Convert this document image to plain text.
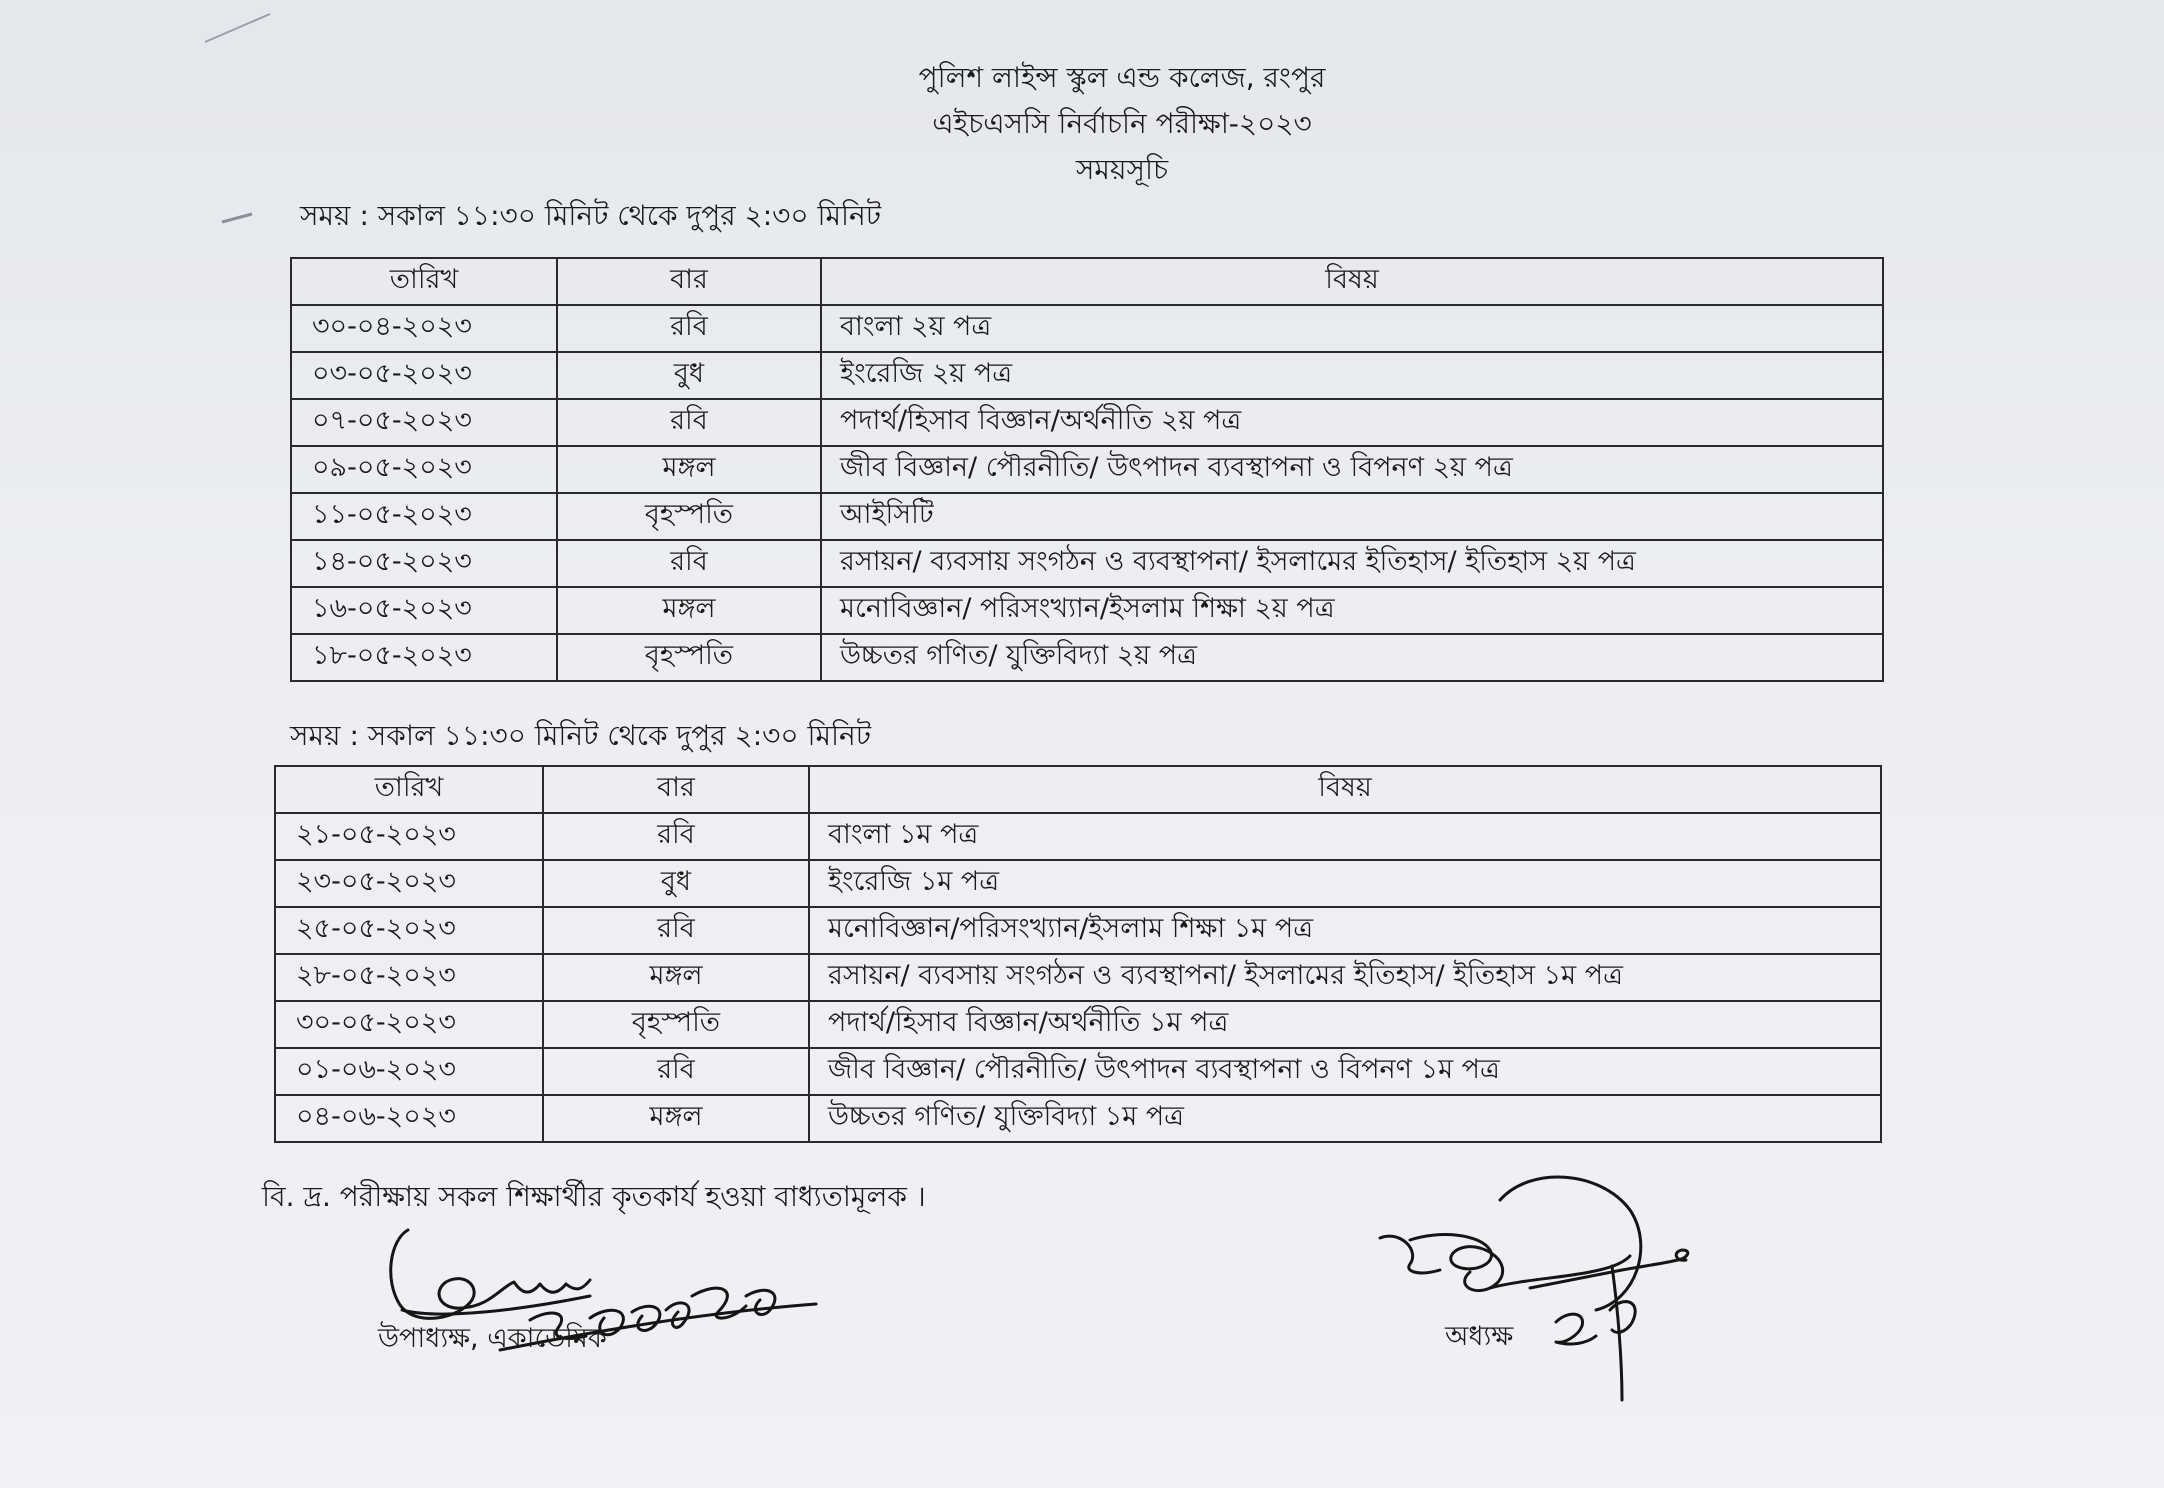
পুলিশ লাইন্স স্কুল এন্ড কলেজ, রংপুর
এইচএসসি নির্বাচনি পরীক্ষা-২০২৩
সময়সূচি
সময় : সকাল ১১:৩০ মিনিট থেকে দুপুর ২:৩০ মিনিট
তারিখ	বার	বিষয়
৩০-০৪-২০২৩	রবি	বাংলা ২য় পত্র
০৩-০৫-২০২৩	বুধ	ইংরেজি ২য় পত্র
০৭-০৫-২০২৩	রবি	পদার্থ/হিসাব বিজ্ঞান/অর্থনীতি ২য় পত্র
০৯-০৫-২০২৩	মঙ্গল	জীব বিজ্ঞান/ পৌরনীতি/ উৎপাদন ব্যবস্থাপনা ও বিপনণ ২য় পত্র
১১-০৫-২০২৩	বৃহস্পতি	আইসিটি
১৪-০৫-২০২৩	রবি	রসায়ন/ ব্যবসায় সংগঠন ও ব্যবস্থাপনা/ ইসলামের ইতিহাস/ ইতিহাস ২য় পত্র
১৬-০৫-২০২৩	মঙ্গল	মনোবিজ্ঞান/ পরিসংখ্যান/ইসলাম শিক্ষা ২য় পত্র
১৮-০৫-২০২৩	বৃহস্পতি	উচ্চতর গণিত/ যুক্তিবিদ্যা ২য় পত্র
সময় : সকাল ১১:৩০ মিনিট থেকে দুপুর ২:৩০ মিনিট
তারিখ	বার	বিষয়
২১-০৫-২০২৩	রবি	বাংলা ১ম পত্র
২৩-০৫-২০২৩	বুধ	ইংরেজি ১ম পত্র
২৫-০৫-২০২৩	রবি	মনোবিজ্ঞান/পরিসংখ্যান/ইসলাম শিক্ষা ১ম পত্র
২৮-০৫-২০২৩	মঙ্গল	রসায়ন/ ব্যবসায় সংগঠন ও ব্যবস্থাপনা/ ইসলামের ইতিহাস/ ইতিহাস ১ম পত্র
৩০-০৫-২০২৩	বৃহস্পতি	পদার্থ/হিসাব বিজ্ঞান/অর্থনীতি ১ম পত্র
০১-০৬-২০২৩	রবি	জীব বিজ্ঞান/ পৌরনীতি/ উৎপাদন ব্যবস্থাপনা ও বিপনণ ১ম পত্র
০৪-০৬-২০২৩	মঙ্গল	উচ্চতর গণিত/ যুক্তিবিদ্যা ১ম পত্র
বি. দ্র. পরীক্ষায় সকল শিক্ষার্থীর কৃতকার্য হওয়া বাধ্যতামূলক ।
উপাধ্যক্ষ, একাডেমিক	অধ্যক্ষ
